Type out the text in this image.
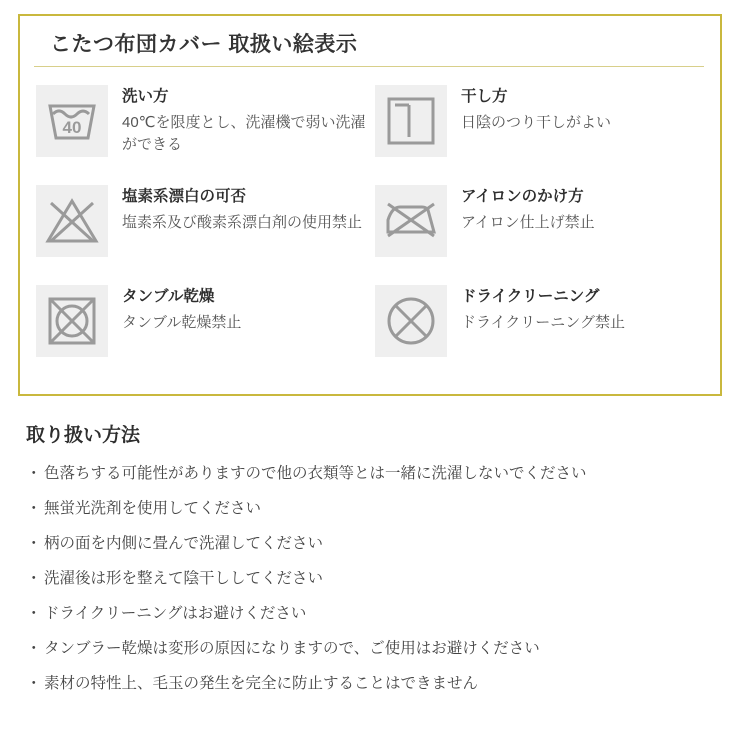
こたつ布団カバー 取扱い絵表示
40
洗い方
40℃を限度とし、洗濯機で弱い洗濯ができる
干し方
日陰のつり干しがよい
塩素系漂白の可否
塩素系及び酸素系漂白剤の使用禁止
アイロンのかけ方
アイロン仕上げ禁止
タンブル乾燥
タンブル乾燥禁止
ドライクリーニング
ドライクリーニング禁止
取り扱い方法
・ 色落ちする可能性がありますので他の衣類等とは一緒に洗濯しないでください
・ 無蛍光洗剤を使用してください
・ 柄の面を内側に畳んで洗濯してください
・ 洗濯後は形を整えて陰干ししてください
・ ドライクリーニングはお避けください
・ タンブラー乾燥は変形の原因になりますので、ご使用はお避けください
・ 素材の特性上、毛玉の発生を完全に防止することはできません
